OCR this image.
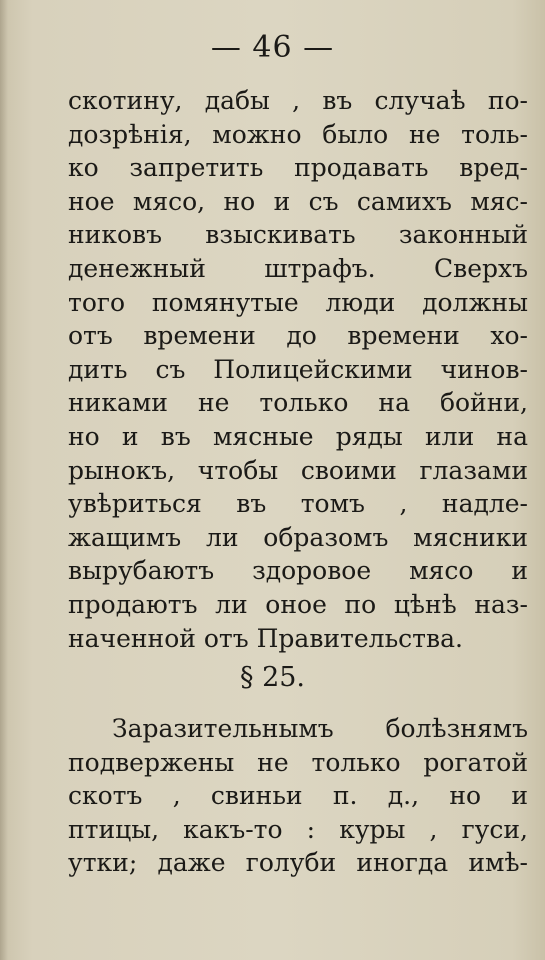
— 46 —
скотину, дабы , въ случаѣ по-
дозрѣнія, можно было не толь-
ко запретить продавать вред-
ное мясо, но и съ самихъ мяс-
никовъ взыскивать законный
денежный штрафъ. Сверхъ
того помянутые люди должны
отъ времени до времени хо-
дить съ Полицейскими чинов-
никами не только на бойни,
но и въ мясные ряды или на
рынокъ, чтобы своими глазами
увѣриться въ томъ , надле-
жащимъ ли образомъ мясники
вырубаютъ здоровое мясо и
продаютъ ли оное по цѣнѣ наз-
наченной отъ Правительства.
§ 25.
Заразительнымъ болѣзнямъ
подвержены не только рогатой
скотъ , свиньи п. д., но и
птицы, какъ-то : куры , гуси,
утки; даже голуби иногда имѣ-
